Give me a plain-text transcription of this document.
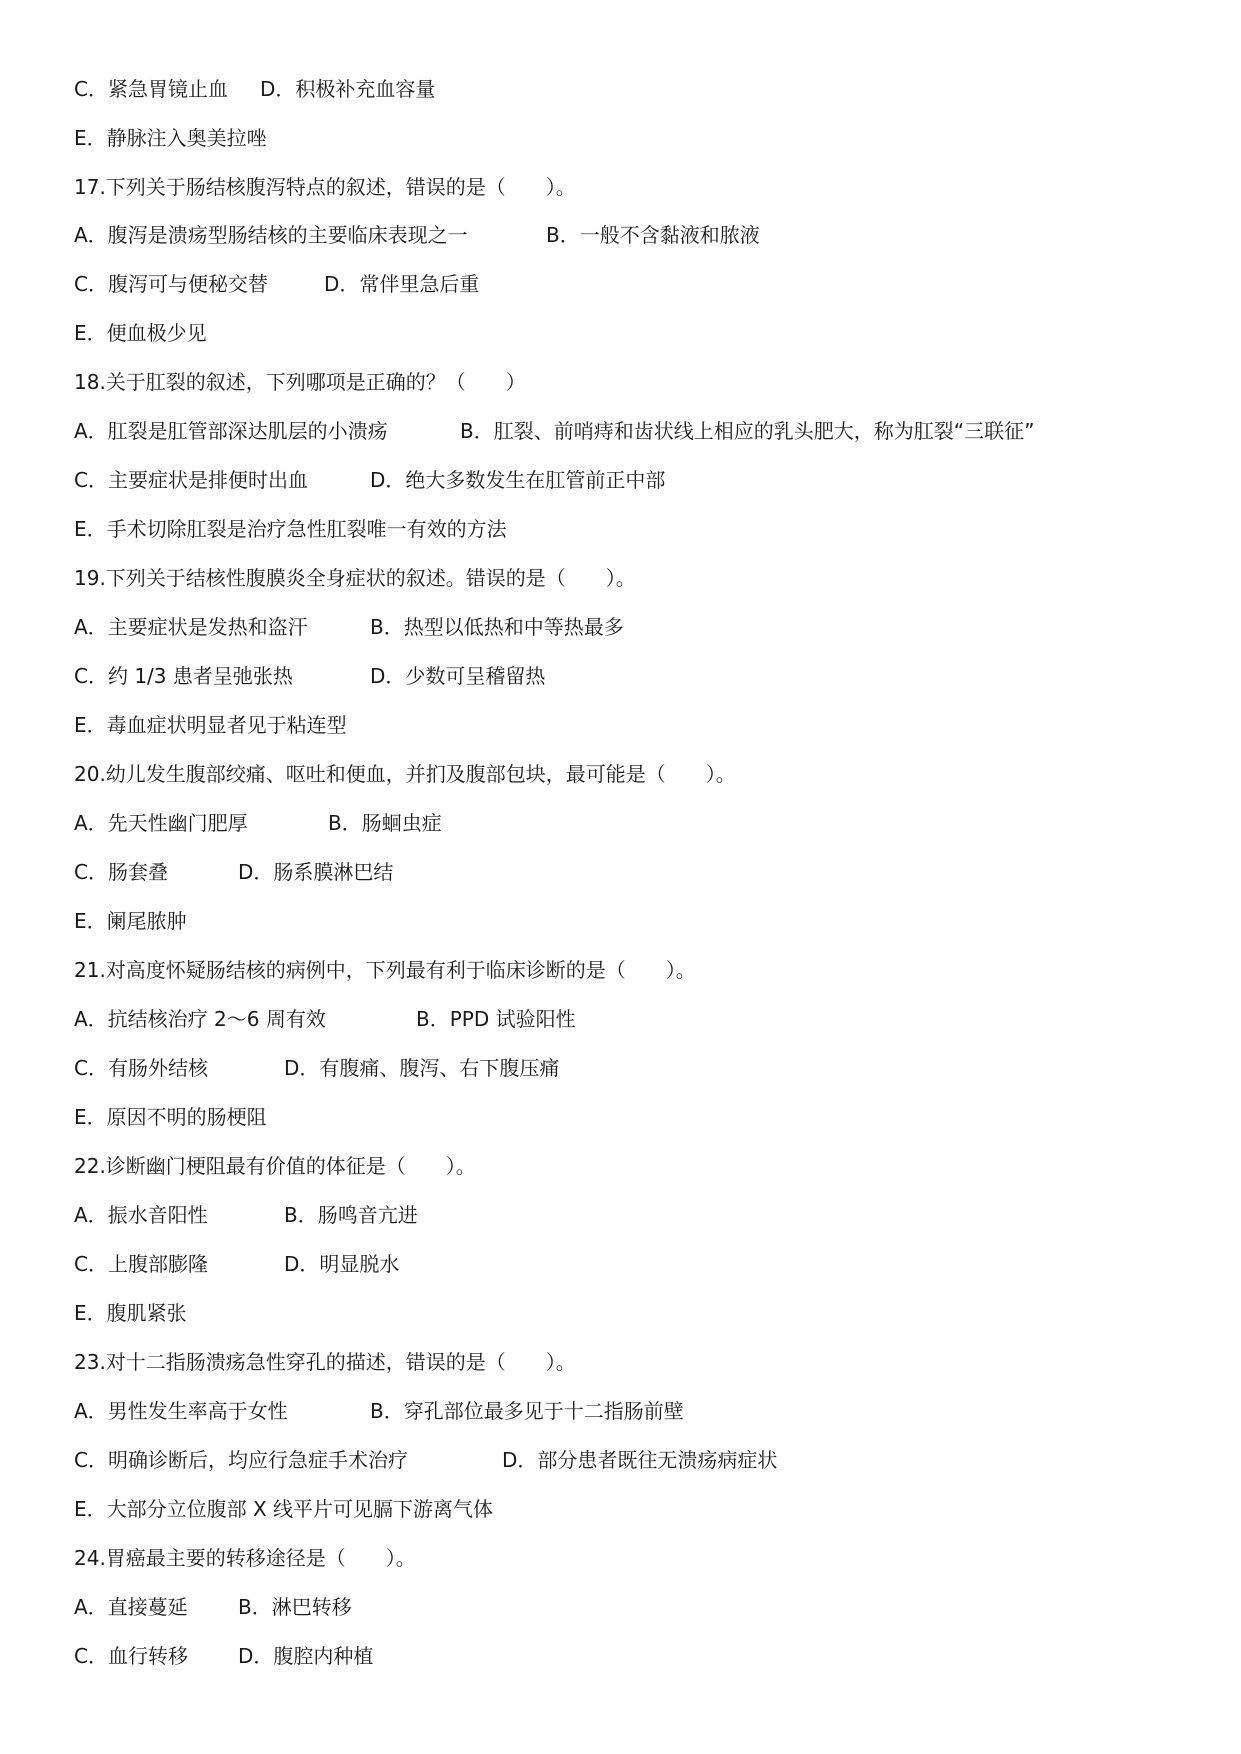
C．紧急胃镜止血 D．积极补充血容量
E．静脉注入奥美拉唑
17.下列关于肠结核腹泻特点的叙述，错误的是（　　）。
A．腹泻是溃疡型肠结核的主要临床表现之一	B．一般不含黏液和脓液
C．腹泻可与便秘交替	D．常伴里急后重
E．便血极少见
18.关于肛裂的叙述，下列哪项是正确的？（　　）
A．肛裂是肛管部深达肌层的小溃疡	B．肛裂、前哨痔和齿状线上相应的乳头肥大，称为肛裂“三联征”
C．主要症状是排便时出血	D．绝大多数发生在肛管前正中部
E．手术切除肛裂是治疗急性肛裂唯一有效的方法
19.下列关于结核性腹膜炎全身症状的叙述。错误的是（　　）。
A．主要症状是发热和盗汗	B．热型以低热和中等热最多
C．约 1/3 患者呈弛张热	D．少数可呈稽留热
E．毒血症状明显者见于粘连型
20.幼儿发生腹部绞痛、呕吐和便血，并扪及腹部包块，最可能是（　　）。
A．先天性幽门肥厚	B．肠蛔虫症
C．肠套叠	D．肠系膜淋巴结
E．阑尾脓肿
21.对高度怀疑肠结核的病例中，下列最有利于临床诊断的是（　　）。
A．抗结核治疗 2～6 周有效	B．PPD 试验阳性
C．有肠外结核	D．有腹痛、腹泻、右下腹压痛
E．原因不明的肠梗阻
22.诊断幽门梗阻最有价值的体征是（　　）。
A．振水音阳性	B．肠鸣音亢进
C．上腹部膨隆	D．明显脱水
E．腹肌紧张
23.对十二指肠溃疡急性穿孔的描述，错误的是（　　）。
A．男性发生率高于女性	B．穿孔部位最多见于十二指肠前壁
C．明确诊断后，均应行急症手术治疗	D．部分患者既往无溃疡病症状
E．大部分立位腹部 X 线平片可见膈下游离气体
24.胃癌最主要的转移途径是（　　）。
A．直接蔓延	B．淋巴转移
C．血行转移	D．腹腔内种植
